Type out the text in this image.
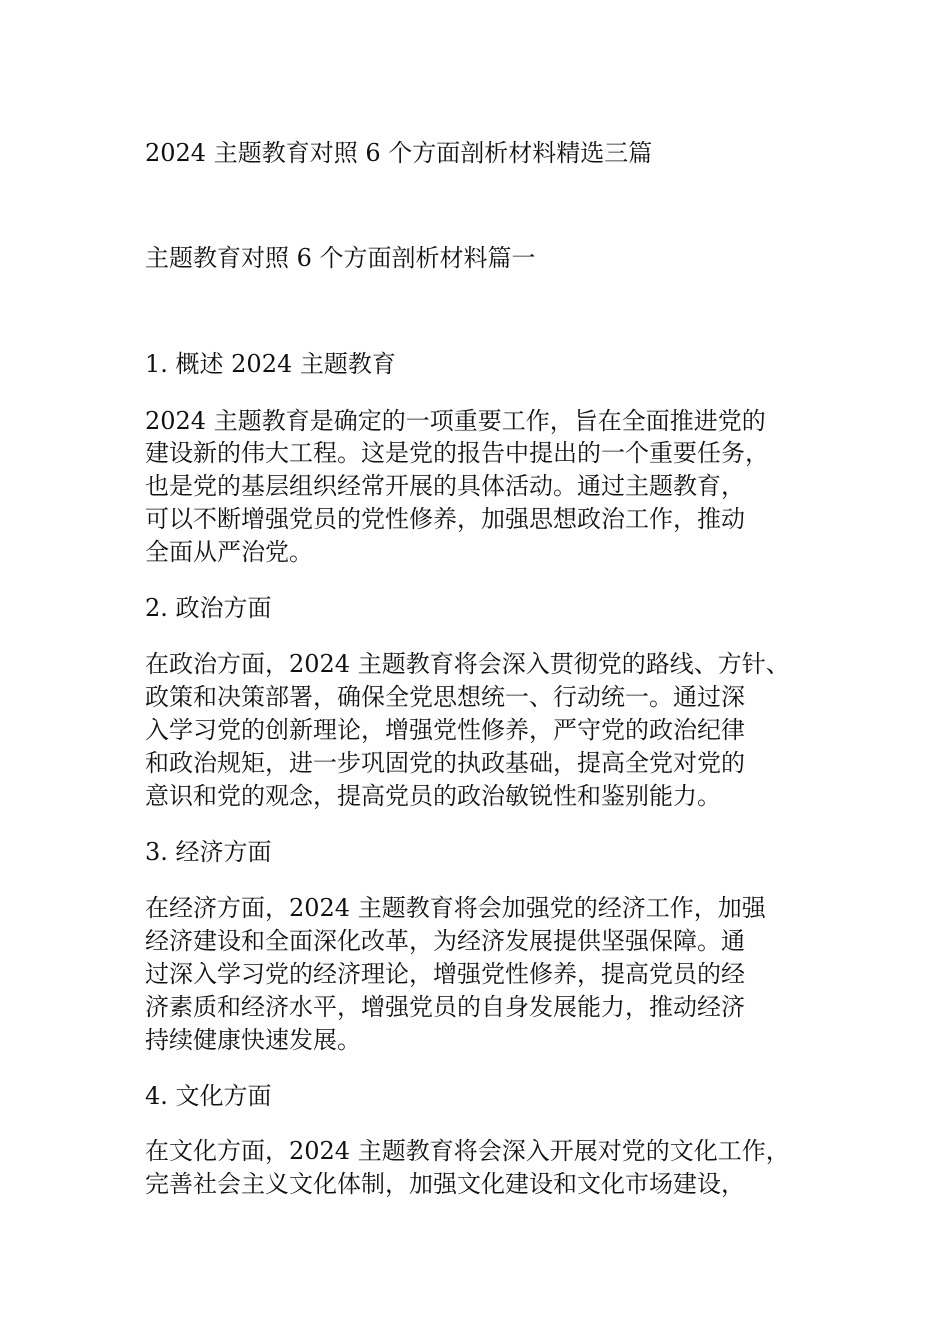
2024 主题教育对照 6 个方面剖析材料精选三篇
主题教育对照 6 个方面剖析材料篇一
1. 概述 2024 主题教育
2024 主题教育是确定的一项重要工作，旨在全面推进党的
建设新的伟大工程。这是党的报告中提出的一个重要任务，
也是党的基层组织经常开展的具体活动。通过主题教育，
可以不断增强党员的党性修养，加强思想政治工作，推动
全面从严治党。
2. 政治方面
在政治方面，2024 主题教育将会深入贯彻党的路线、方针、
政策和决策部署，确保全党思想统一、行动统一。通过深
入学习党的创新理论，增强党性修养，严守党的政治纪律
和政治规矩，进一步巩固党的执政基础，提高全党对党的
意识和党的观念，提高党员的政治敏锐性和鉴别能力。
3. 经济方面
在经济方面，2024 主题教育将会加强党的经济工作，加强
经济建设和全面深化改革，为经济发展提供坚强保障。通
过深入学习党的经济理论，增强党性修养，提高党员的经
济素质和经济水平，增强党员的自身发展能力，推动经济
持续健康快速发展。
4. 文化方面
在文化方面，2024 主题教育将会深入开展对党的文化工作，
完善社会主义文化体制，加强文化建设和文化市场建设，
